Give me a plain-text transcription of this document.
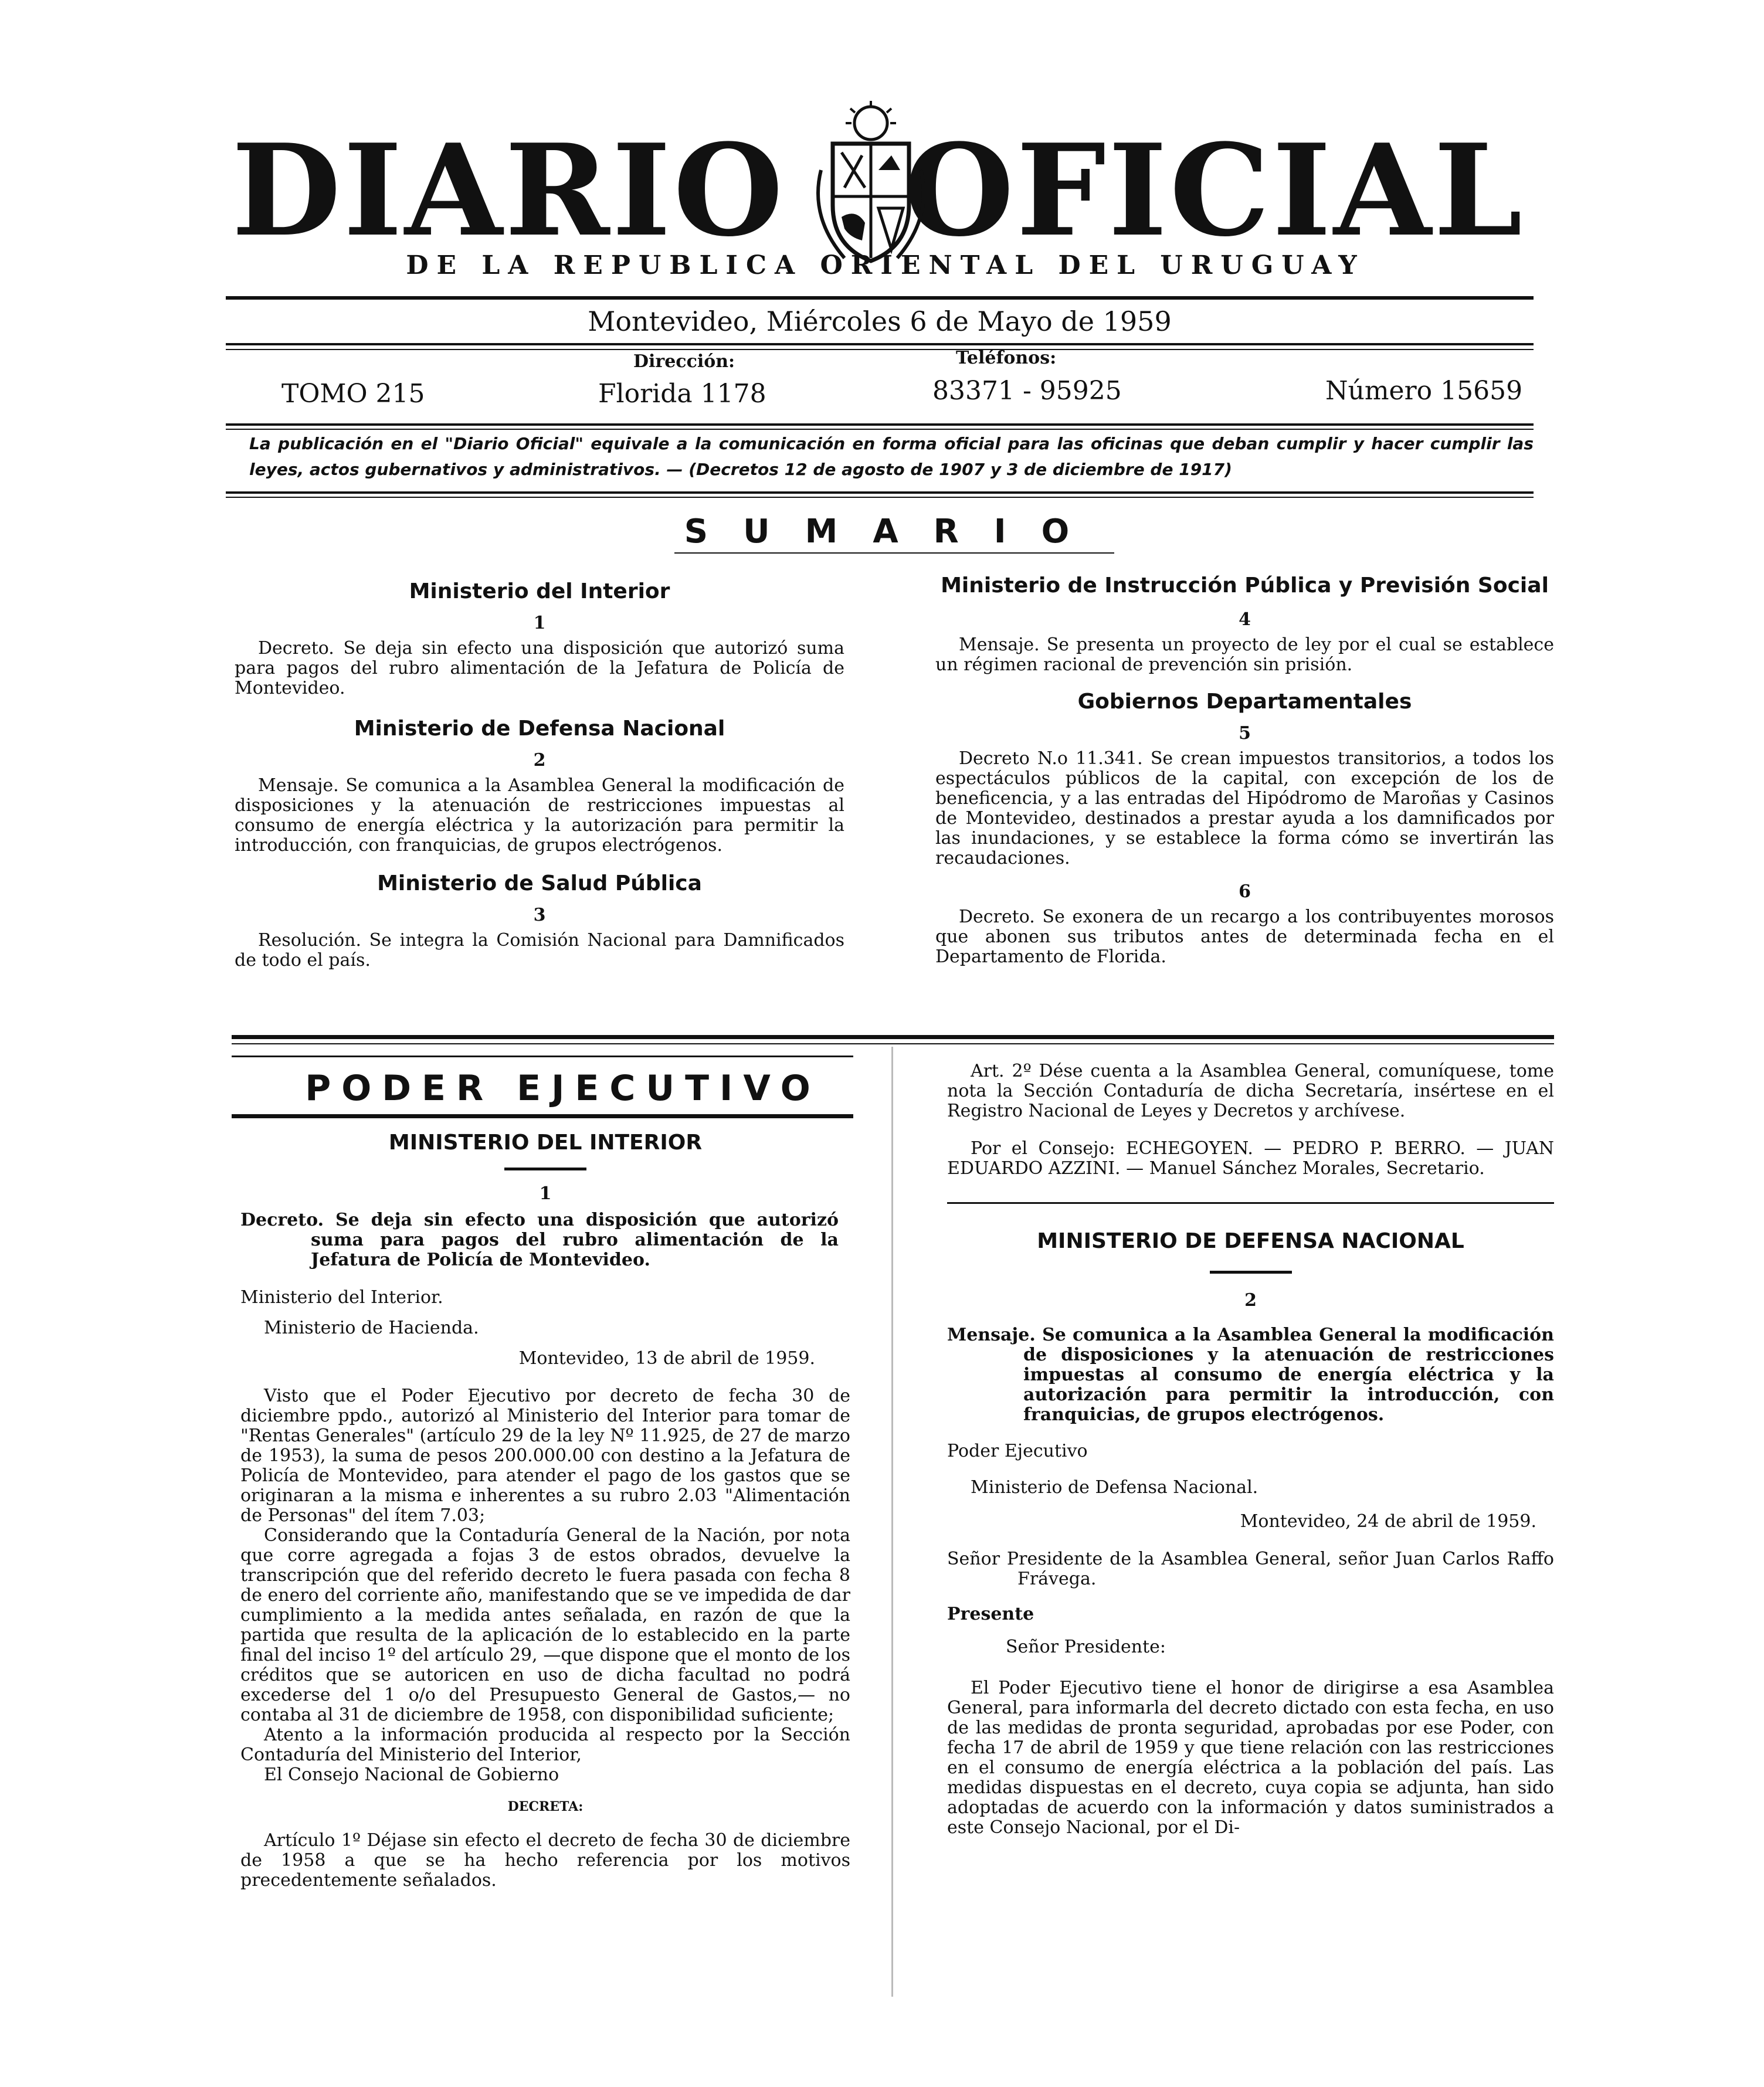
DIARIO OFICIAL
DE LA REPUBLICA ORIENTAL DEL URUGUAY
Montevideo, Miércoles 6 de Mayo de 1959
Dirección:	Teléfonos:
TOMO 215	Florida 1178	83371 - 95925	Número 15659
La publicación en el "Diario Oficial" equivale a la comunicación en forma oficial para las oficinas que deban cumplir y hacer cumplir las leyes, actos gubernativos y administrativos. — (Decretos 12 de agosto de 1907 y 3 de diciembre de 1917)
SUMARIO
Ministerio del Interior
1
Decreto. Se deja sin efecto una disposición que autorizó suma para pagos del rubro alimentación de la Jefatura de Policía de Montevideo.
Ministerio de Defensa Nacional
2
Mensaje. Se comunica a la Asamblea General la modificación de disposiciones y la atenuación de restricciones impuestas al consumo de energía eléctrica y la autorización para permitir la introducción, con franquicias, de grupos electrógenos.
Ministerio de Salud Pública
3
Resolución. Se integra la Comisión Nacional para Damnificados de todo el país.
Ministerio de Instrucción Pública y Previsión Social
4
Mensaje. Se presenta un proyecto de ley por el cual se establece un régimen racional de prevención sin prisión.
Gobiernos Departamentales
5
Decreto N.o 11.341. Se crean impuestos transitorios, a todos los espectáculos públicos de la capital, con excepción de los de beneficencia, y a las entradas del Hipódromo de Maroñas y Casinos de Montevideo, destinados a prestar ayuda a los damnificados por las inundaciones, y se establece la forma cómo se invertirán las recaudaciones.
6
Decreto. Se exonera de un recargo a los contribuyentes morosos que abonen sus tributos antes de determinada fecha en el Departamento de Florida.
PODER EJECUTIVO
MINISTERIO DEL INTERIOR
1
Decreto. Se deja sin efecto una disposición que autorizó suma para pagos del rubro alimentación de la Jefatura de Policía de Montevideo.
Ministerio del Interior.
Ministerio de Hacienda.
Montevideo, 13 de abril de 1959.
Visto que el Poder Ejecutivo por decreto de fecha 30 de diciembre ppdo., autorizó al Ministerio del Interior para tomar de "Rentas Generales" (artículo 29 de la ley Nº 11.925, de 27 de marzo de 1953), la suma de pesos 200.000.00 con destino a la Jefatura de Policía de Montevideo, para atender el pago de los gastos que se originaran a la misma e inherentes a su rubro 2.03 "Alimentación de Personas" del ítem 7.03;
Considerando que la Contaduría General de la Nación, por nota que corre agregada a fojas 3 de estos obrados, devuelve la transcripción que del referido decreto le fuera pasada con fecha 8 de enero del corriente año, manifestando que se ve impedida de dar cumplimiento a la medida antes señalada, en razón de que la partida que resulta de la aplicación de lo establecido en la parte final del inciso 1º del artículo 29, —que dispone que el monto de los créditos que se autoricen en uso de dicha facultad no podrá excederse del 1 o/o del Presupuesto General de Gastos,— no contaba al 31 de diciembre de 1958, con disponibilidad suficiente;
Atento a la información producida al respecto por la Sección Contaduría del Ministerio del Interior,
El Consejo Nacional de Gobierno
DECRETA:
Artículo 1º Déjase sin efecto el decreto de fecha 30 de diciembre de 1958 a que se ha hecho referencia por los motivos precedentemente señalados.
Art. 2º Dése cuenta a la Asamblea General, comuníquese, tome nota la Sección Contaduría de dicha Secretaría, insértese en el Registro Nacional de Leyes y Decretos y archívese.
Por el Consejo: ECHEGOYEN. — PEDRO P. BERRO. — JUAN EDUARDO AZZINI. — Manuel Sánchez Morales, Secretario.
MINISTERIO DE DEFENSA NACIONAL
2
Mensaje. Se comunica a la Asamblea General la modificación de disposiciones y la atenuación de restricciones impuestas al consumo de energía eléctrica y la autorización para permitir la introducción, con franquicias, de grupos electrógenos.
Poder Ejecutivo
Ministerio de Defensa Nacional.
Montevideo, 24 de abril de 1959.
Señor Presidente de la Asamblea General, señor Juan Carlos Raffo Frávega.
Presente
Señor Presidente:
El Poder Ejecutivo tiene el honor de dirigirse a esa Asamblea General, para informarla del decreto dictado con esta fecha, en uso de las medidas de pronta seguridad, aprobadas por ese Poder, con fecha 17 de abril de 1959 y que tiene relación con las restricciones en el consumo de energía eléctrica a la población del país. Las medidas dispuestas en el decreto, cuya copia se adjunta, han sido adoptadas de acuerdo con la información y datos suministrados a este Consejo Nacional, por el Di-
